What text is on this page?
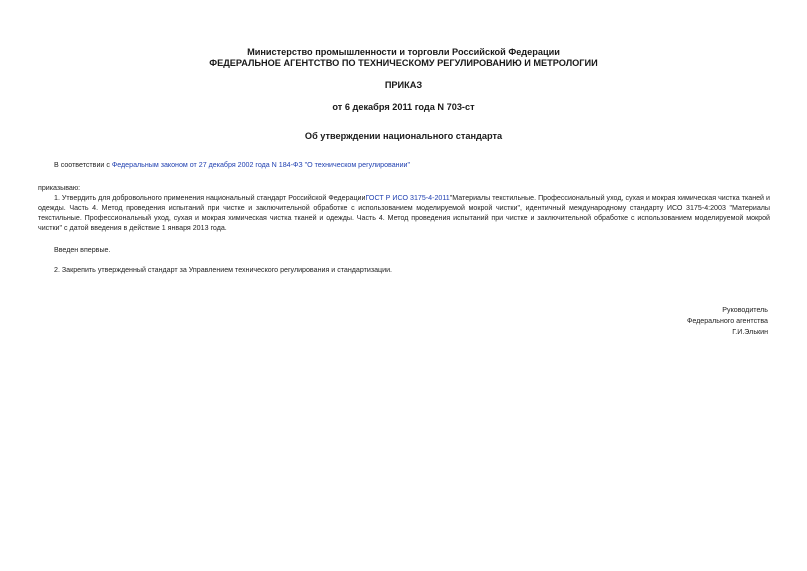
Министерство промышленности и торговли Российской Федерации
ФЕДЕРАЛЬНОЕ АГЕНТСТВО ПО ТЕХНИЧЕСКОМУ РЕГУЛИРОВАНИЮ И МЕТРОЛОГИИ
ПРИКАЗ
от 6 декабря 2011 года N 703-ст
Об утверждении национального стандарта
В соответствии с Федеральным законом от 27 декабря 2002 года N 184-ФЗ "О техническом регулировании"
приказываю:
1. Утвердить для добровольного применения национальный стандарт Российской ФедерацииГОСТ Р ИСО 3175-4-2011"Материалы текстильные. Профессиональный уход, сухая и мокрая химическая чистка тканей и одежды. Часть 4. Метод проведения испытаний при чистке и заключительной обработке с использованием моделируемой мокрой чистки", идентичный международному стандарту ИСО 3175-4:2003 "Материалы текстильные. Профессиональный уход, сухая и мокрая химическая чистка тканей и одежды. Часть 4. Метод проведения испытаний при чистке и заключительной обработке с использованием моделируемой мокрой чистки" с датой введения в действие 1 января 2013 года.
Введен впервые.
2. Закрепить утвержденный стандарт за Управлением технического регулирования и стандартизации.
Руководитель
Федерального агентства
Г.И.Элькин
